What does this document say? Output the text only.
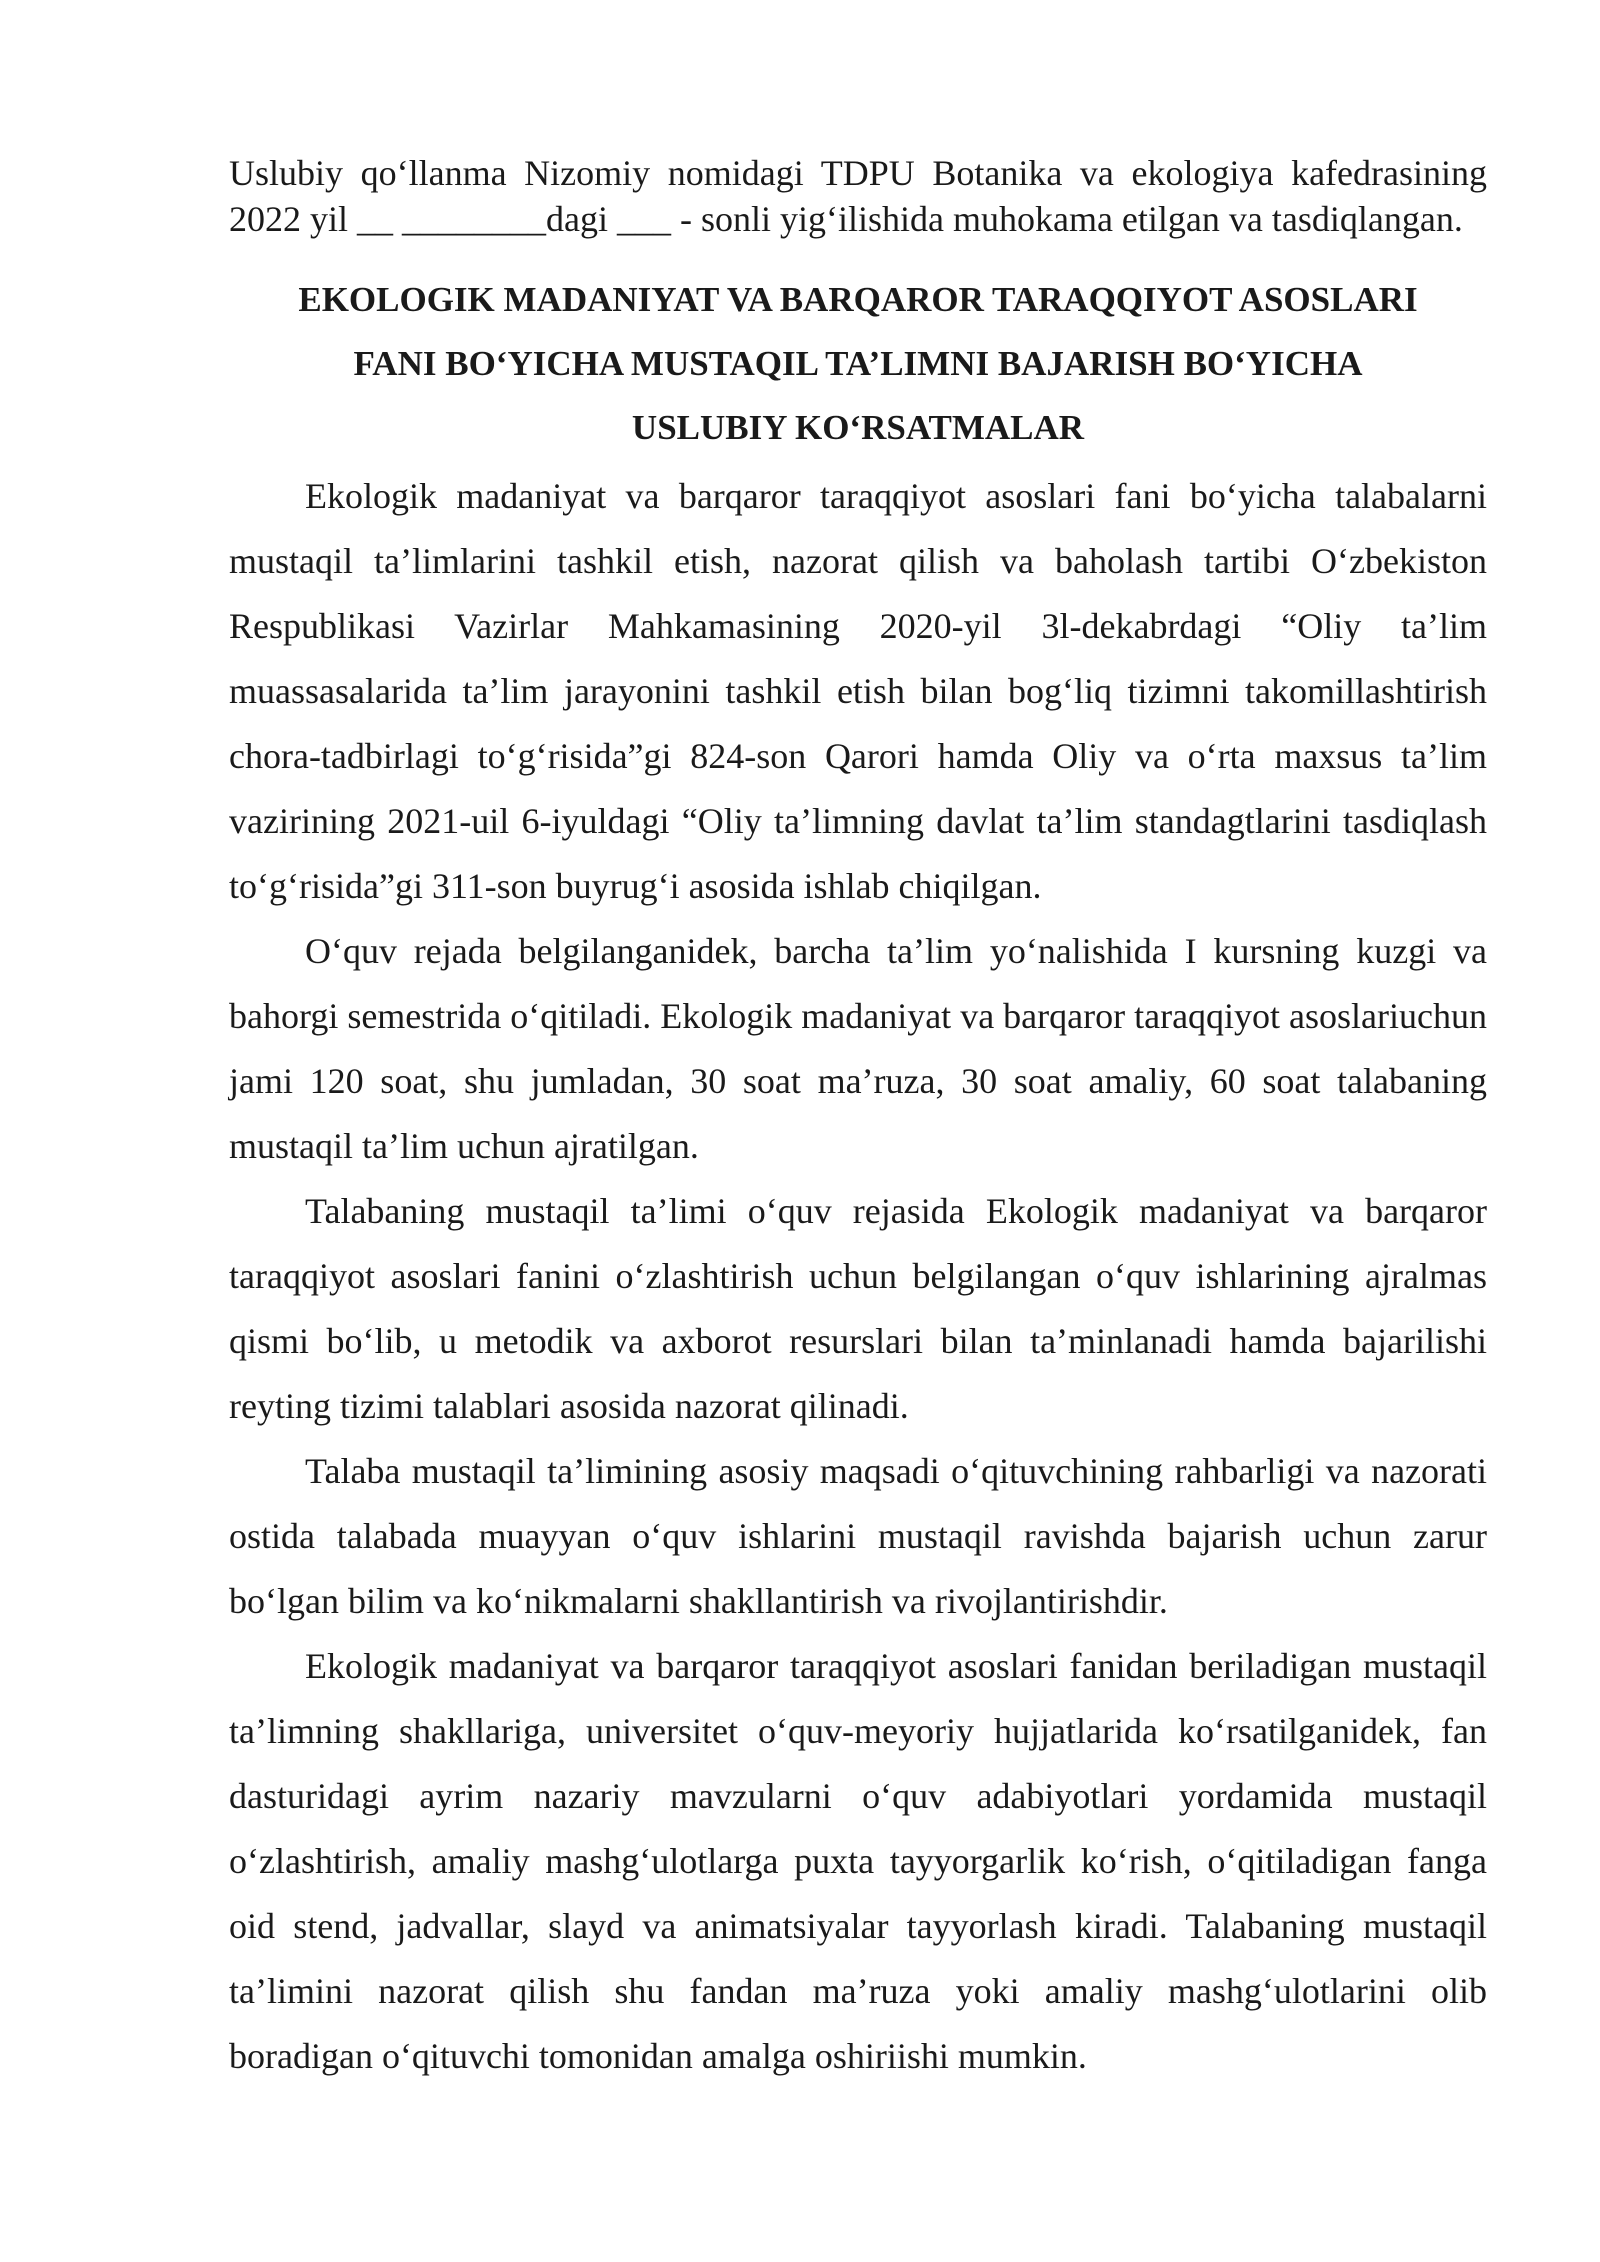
Uslubiy qo‘llanma Nizomiy nomidagi TDPU Botanika va ekologiya kafedrasining 2022 yil __ ________dagi ___ - sonli yig‘ilishida muhokama etilgan va tasdiqlangan.

EKOLOGIK MADANIYAT VA BARQAROR TARAQQIYOT ASOSLARI
FANI BO‘YICHA MUSTAQIL TA’LIMNI BAJARISH BO‘YICHA
USLUBIY KO‘RSATMALAR

Ekologik madaniyat va barqaror taraqqiyot asoslari fani bo‘yicha talabalarni mustaqil ta’limlarini tashkil etish, nazorat qilish va baholash tartibi O‘zbekiston Respublikasi Vazirlar Mahkamasining 2020-yil 3l-dekabrdagi “Oliy ta’lim muassasalarida ta’lim jarayonini tashkil etish bilan bog‘liq tizimni takomillashtirish chora-tadbirlagi to‘g‘risida”gi 824-son Qarori hamda Oliy va o‘rta maxsus ta’lim vazirining 2021-uil 6-iyuldagi “Oliy ta’limning davlat ta’lim standagtlarini tasdiqlash to‘g‘risida”gi 311-son buyrug‘i asosida ishlab chiqilgan.

O‘quv rejada belgilanganidek, barcha ta’lim yo‘nalishida I kursning kuzgi va bahorgi semestrida o‘qitiladi. Ekologik madaniyat va barqaror taraqqiyot asoslariuchun jami 120 soat, shu jumladan, 30 soat ma’ruza, 30 soat amaliy, 60 soat talabaning mustaqil ta’lim uchun ajratilgan.

Talabaning mustaqil ta’limi o‘quv rejasida Ekologik madaniyat va barqaror taraqqiyot asoslari fanini o‘zlashtirish uchun belgilangan o‘quv ishlarining ajralmas qismi bo‘lib, u metodik va axborot resurslari bilan ta’minlanadi hamda bajarilishi reyting tizimi talablari asosida nazorat qilinadi.

Talaba mustaqil ta’limining asosiy maqsadi o‘qituvchining rahbarligi va nazorati ostida talabada muayyan o‘quv ishlarini mustaqil ravishda bajarish uchun zarur bo‘lgan bilim va ko‘nikmalarni shakllantirish va rivojlantirishdir.

Ekologik madaniyat va barqaror taraqqiyot asoslari fanidan beriladigan mustaqil ta’limning shakllariga, universitet o‘quv-meyoriy hujjatlarida ko‘rsatilganidek, fan dasturidagi ayrim nazariy mavzularni o‘quv adabiyotlari yordamida mustaqil o‘zlashtirish, amaliy mashg‘ulotlarga puxta tayyorgarlik ko‘rish, o‘qitiladigan fanga oid stend, jadvallar, slayd va animatsiyalar tayyorlash kiradi. Talabaning mustaqil ta’limini nazorat qilish shu fandan ma’ruza yoki amaliy mashg‘ulotlarini olib boradigan o‘qituvchi tomonidan amalga oshiriishi mumkin.
